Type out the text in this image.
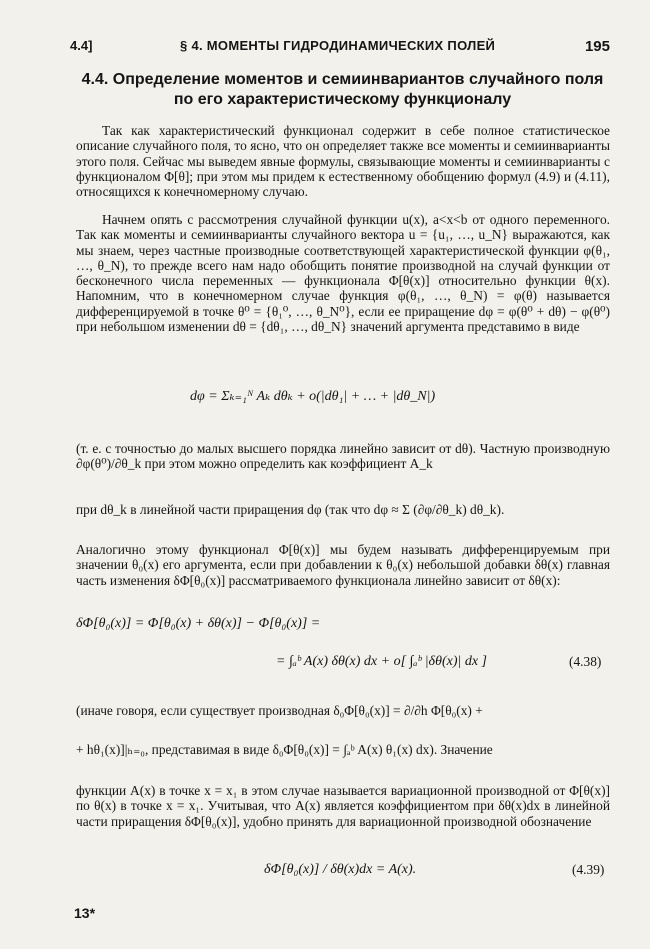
4.4]	§ 4. МОМЕНТЫ ГИДРОДИНАМИЧЕСКИХ ПОЛЕЙ	195
4.4. Определение моментов и семиинвариантов случайного поля по его характеристическому функционалу

Так как характеристический функционал содержит в себе полное статистическое описание случайного поля, то ясно, что он определяет также все моменты и семиинварианты этого поля. Сейчас мы выведем явные формулы, связывающие моменты и семиинварианты с функционалом Φ[θ]; при этом мы придем к естественному обобщению формул (4.9) и (4.11), относящихся к конечномерному случаю.

Начнем опять с рассмотрения случайной функции u(x), a<x<b от одного переменного. Так как моменты и семиинварианты случайного вектора u = {u₁, …, u_N} выражаются, как мы знаем, через частные производные соответствующей характеристической функции φ(θ₁, …, θ_N), то прежде всего нам надо обобщить понятие производной на случай функции от бесконечного числа переменных — функционала Φ[θ(x)] относительно функции θ(x). Напомним, что в конечномерном случае функция φ(θ₁, …, θ_N) = φ(θ) называется дифференцируемой в точке θ⁰ = {θ₁⁰, …, θ_N⁰}, если ее приращение dφ = φ(θ⁰ + dθ) − φ(θ⁰) при небольшом изменении dθ = {dθ₁, …, dθ_N} значений аргумента представимо в виде

dφ = Σₖ₌₁ᴺ Aₖ dθₖ + o(|dθ₁| + … + |dθ_N|)

(т. е. с точностью до малых высшего порядка линейно зависит от dθ). Частную производную ∂φ(θ⁰)/∂θ_k при этом можно определить как коэффициент A_k

при dθ_k в линейной части приращения dφ (так что dφ ≈ Σ (∂φ/∂θ_k) dθ_k).

Аналогично этому функционал Φ[θ(x)] мы будем называть дифференцируемым при значении θ₀(x) его аргумента, если при добавлении к θ₀(x) небольшой добавки δθ(x) главная часть изменения δΦ[θ₀(x)] рассматриваемого функционала линейно зависит от δθ(x):

δΦ[θ₀(x)] = Φ[θ₀(x) + δθ(x)] − Φ[θ₀(x)] =
= ∫ₐᵇ A(x) δθ(x) dx + o[ ∫ₐᵇ |δθ(x)| dx ]	(4.38)

(иначе говоря, если существует производная δ₀Φ[θ₀(x)] = ∂/∂h Φ[θ₀(x) +

+ hθ₁(x)]|ₕ₌₀, представимая в виде δ₀Φ[θ₀(x)] = ∫ₐᵇ A(x) θ₁(x) dx). Значение

функции A(x) в точке x = x₁ в этом случае называется вариационной производной от Φ[θ(x)] по θ(x) в точке x = x₁. Учитывая, что A(x) является коэффициентом при δθ(x)dx в линейной части приращения δΦ[θ₀(x)], удобно принять для вариационной производной обозначение

δΦ[θ₀(x)] / δθ(x)dx = A(x).	(4.39)
13*
